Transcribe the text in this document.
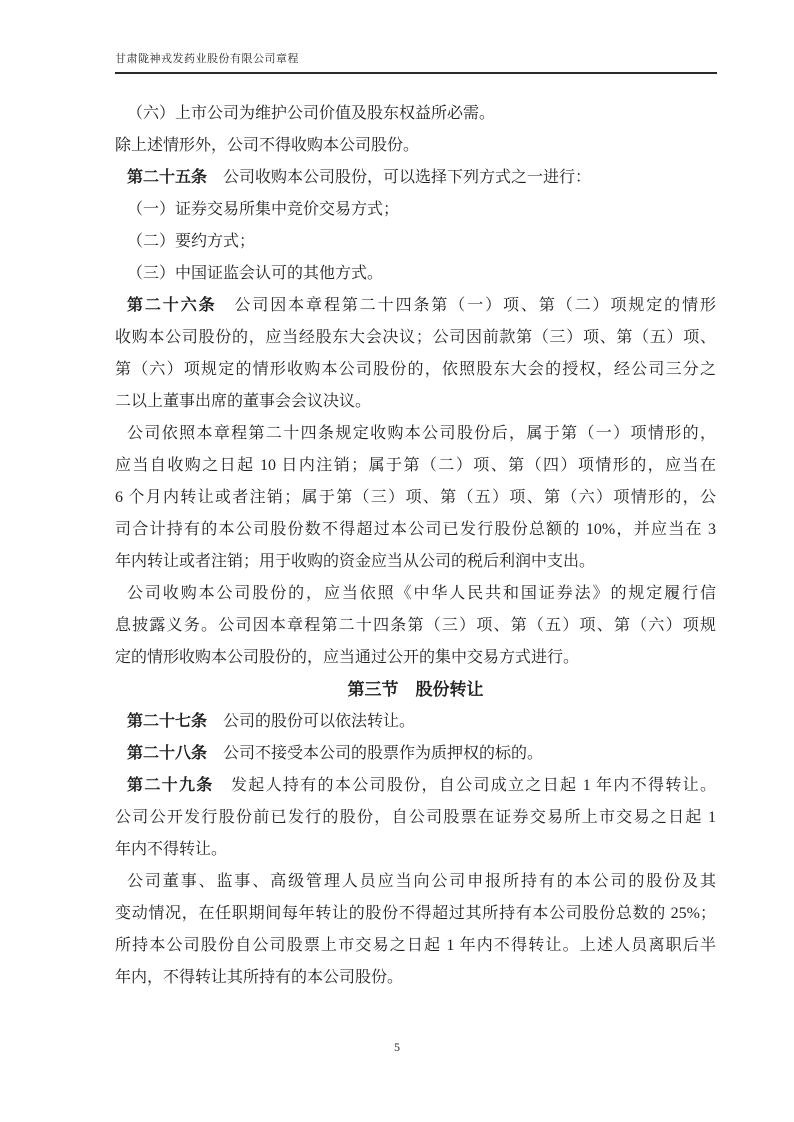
甘肃陇神戎发药业股份有限公司章程
（六）上市公司为维护公司价值及股东权益所必需。
除上述情形外，公司不得收购本公司股份。
第二十五条　公司收购本公司股份，可以选择下列方式之一进行：
（一）证券交易所集中竞价交易方式；
（二）要约方式；
（三）中国证监会认可的其他方式。
第二十六条　公司因本章程第二十四条第（一）项、第（二）项规定的情形
收购本公司股份的，应当经股东大会决议；公司因前款第（三）项、第（五）项、
第（六）项规定的情形收购本公司股份的，依照股东大会的授权，经公司三分之
二以上董事出席的董事会会议决议。
公司依照本章程第二十四条规定收购本公司股份后，属于第（一）项情形的，
应当自收购之日起 10 日内注销；属于第（二）项、第（四）项情形的，应当在
6 个月内转让或者注销；属于第（三）项、第（五）项、第（六）项情形的，公
司合计持有的本公司股份数不得超过本公司已发行股份总额的 10%，并应当在 3
年内转让或者注销；用于收购的资金应当从公司的税后利润中支出。
公司收购本公司股份的，应当依照《中华人民共和国证券法》的规定履行信
息披露义务。公司因本章程第二十四条第（三）项、第（五）项、第（六）项规
定的情形收购本公司股份的，应当通过公开的集中交易方式进行。
第三节　股份转让
第二十七条　公司的股份可以依法转让。
第二十八条　公司不接受本公司的股票作为质押权的标的。
第二十九条　发起人持有的本公司股份，自公司成立之日起 1 年内不得转让。
公司公开发行股份前已发行的股份，自公司股票在证券交易所上市交易之日起 1
年内不得转让。
公司董事、监事、高级管理人员应当向公司申报所持有的本公司的股份及其
变动情况，在任职期间每年转让的股份不得超过其所持有本公司股份总数的 25%；
所持本公司股份自公司股票上市交易之日起 1 年内不得转让。上述人员离职后半
年内，不得转让其所持有的本公司股份。
5
